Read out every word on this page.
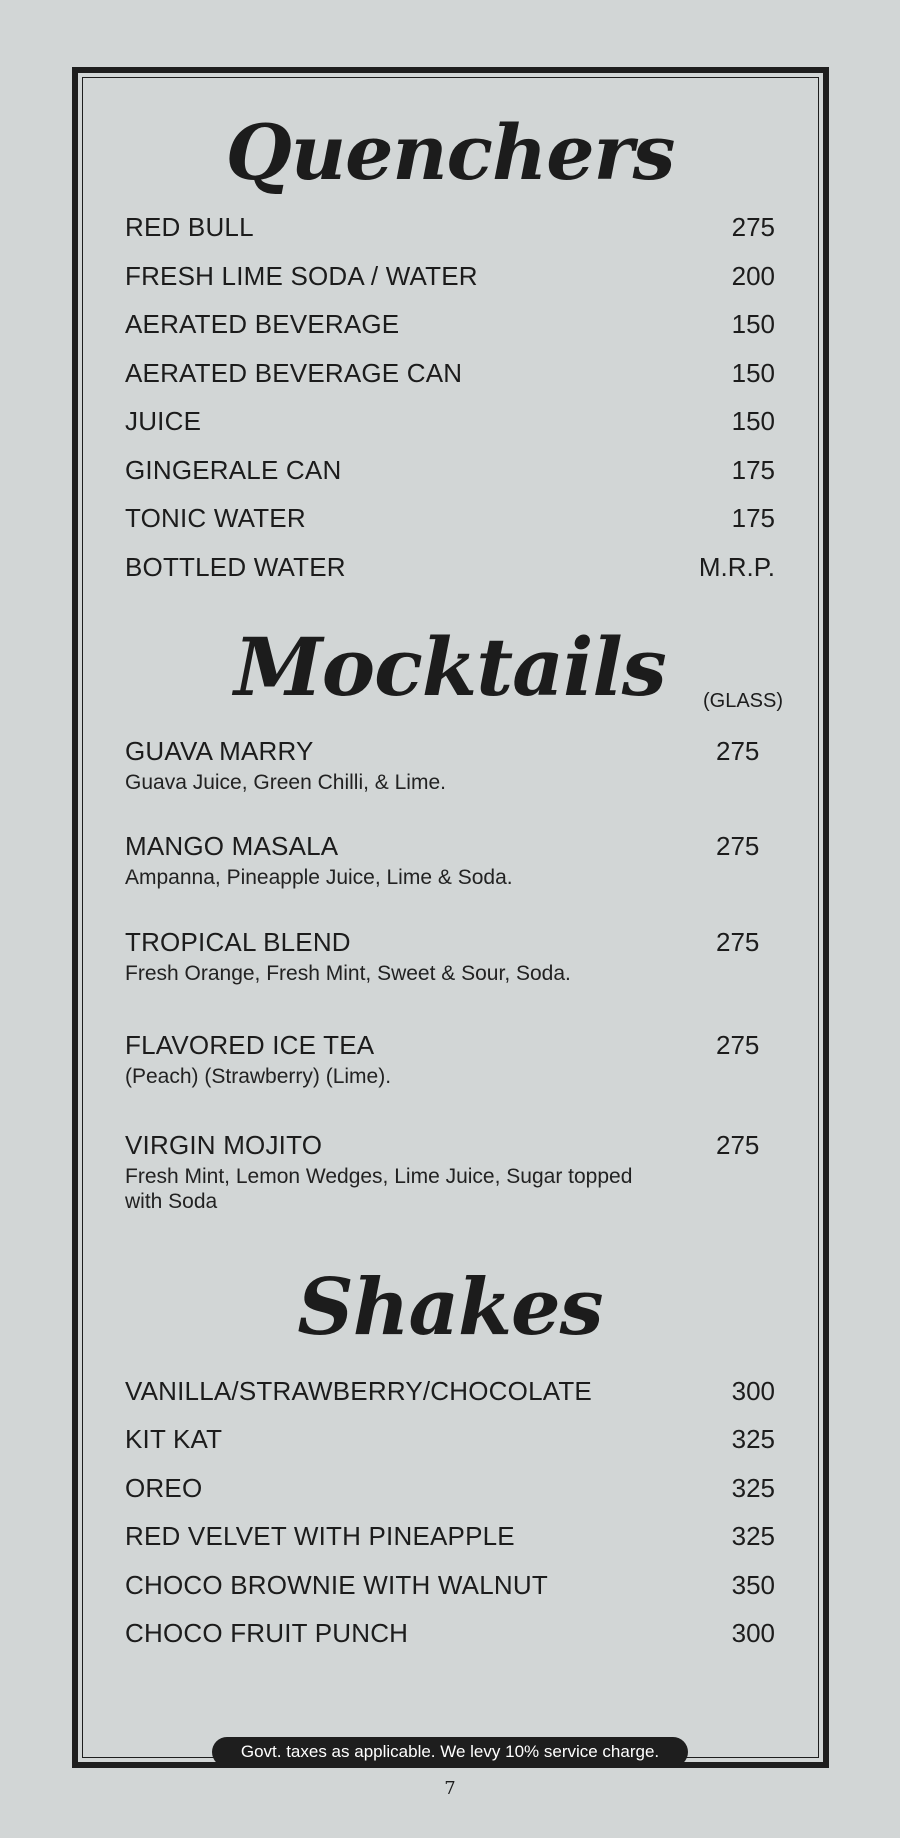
Quenchers
RED BULL	275
FRESH LIME SODA / WATER	200
AERATED BEVERAGE	150
AERATED BEVERAGE CAN	150
JUICE	150
GINGERALE CAN	175
TONIC WATER	175
BOTTLED WATER	M.R.P.
Mocktails	(GLASS)
GUAVA MARRY	275
Guava Juice, Green Chilli, & Lime.
MANGO MASALA	275
Ampanna, Pineapple Juice, Lime & Soda.
TROPICAL BLEND	275
Fresh Orange, Fresh Mint, Sweet & Sour, Soda.
FLAVORED ICE TEA	275
(Peach) (Strawberry) (Lime).
VIRGIN MOJITO	275
Fresh Mint, Lemon Wedges, Lime Juice, Sugar topped with Soda
Shakes
VANILLA/STRAWBERRY/CHOCOLATE	300
KIT KAT	325
OREO	325
RED VELVET WITH PINEAPPLE	325
CHOCO BROWNIE WITH WALNUT	350
CHOCO FRUIT PUNCH	300
Govt. taxes as applicable. We levy 10% service charge.
7
